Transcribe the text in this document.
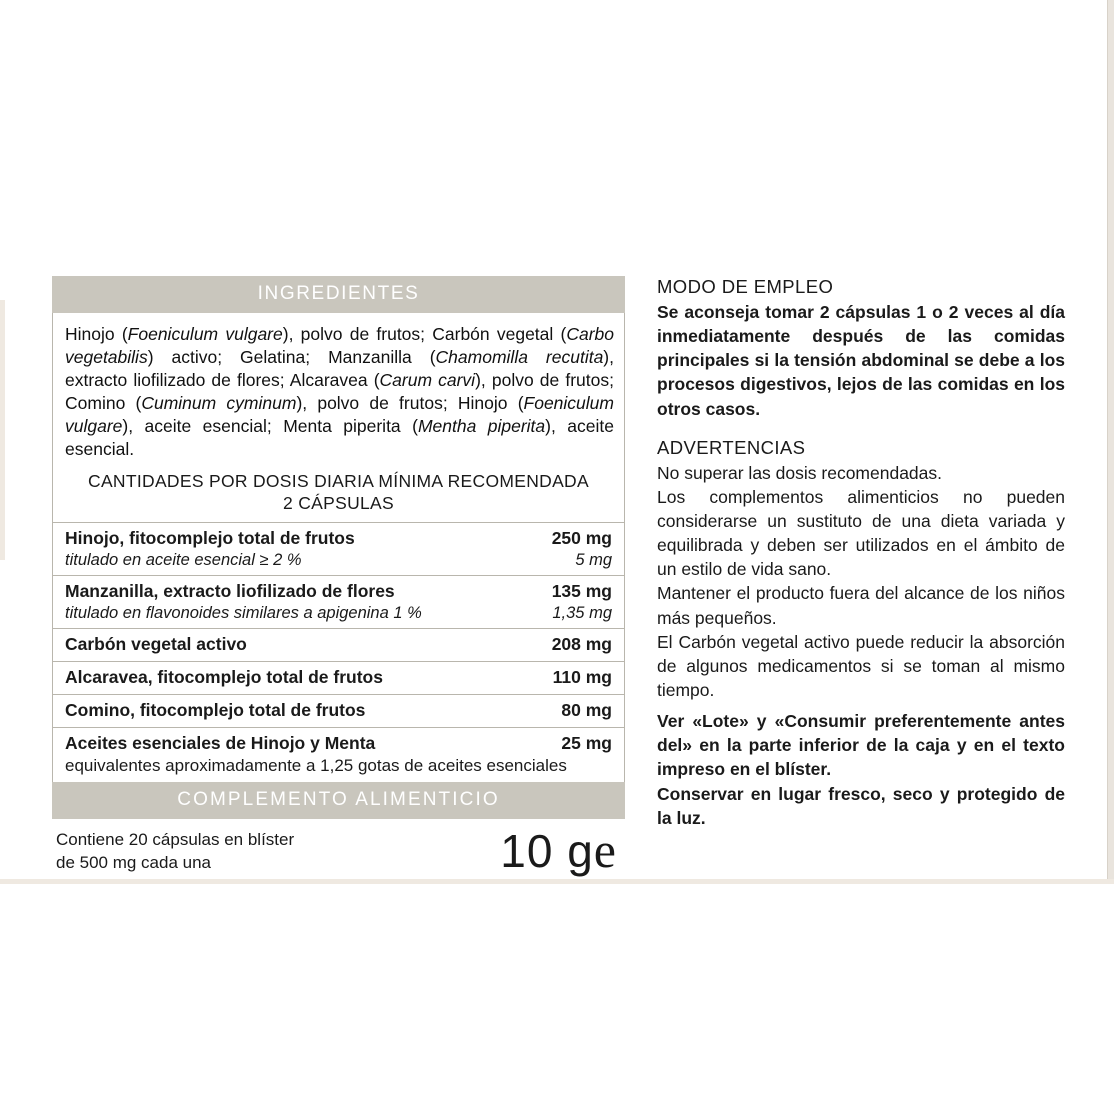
INGREDIENTES
Hinojo (Foeniculum vulgare), polvo de frutos; Carbón vegetal (Carbo vegetabilis) activo; Gelatina; Manzanilla (Chamomilla recutita), extracto liofilizado de flores; Alcaravea (Carum carvi), polvo de frutos; Comino (Cuminum cyminum), polvo de frutos; Hinojo (Foeniculum vulgare), aceite esencial; Menta piperita (Mentha piperita), aceite esencial.
CANTIDADES POR DOSIS DIARIA MÍNIMA RECOMENDADA
2 CÁPSULAS
Hinojo, fitocomplejo total de frutos	250 mg
titulado en aceite esencial ≥ 2 %	5 mg
Manzanilla, extracto liofilizado de flores	135 mg
titulado en flavonoides similares a apigenina 1 %	1,35 mg
Carbón vegetal activo	208 mg
Alcaravea, fitocomplejo total de frutos	110 mg
Comino, fitocomplejo total de frutos	80 mg
Aceites esenciales de Hinojo y Menta	25 mg
equivalentes aproximadamente a 1,25 gotas de aceites esenciales	
COMPLEMENTO ALIMENTICIO
Contiene 20 cápsulas en blíster
de 500 mg cada una	10 ge
MODO DE EMPLEO
Se aconseja tomar 2 cápsulas 1 o 2 veces al día inmediatamente después de las comidas principales si la tensión abdominal se debe a los procesos digestivos, lejos de las comidas en los otros casos.
ADVERTENCIAS
No superar las dosis recomendadas.
Los complementos alimenticios no pueden considerarse un sustituto de una dieta variada y equilibrada y deben ser utilizados en el ámbito de un estilo de vida sano.
Mantener el producto fuera del alcance de los niños más pequeños.
El Carbón vegetal activo puede reducir la absorción de algunos medicamentos si se toman al mismo tiempo.
Ver «Lote» y «Consumir preferentemente antes del» en la parte inferior de la caja y en el texto impreso en el blíster.
Conservar en lugar fresco, seco y protegido de la luz.
